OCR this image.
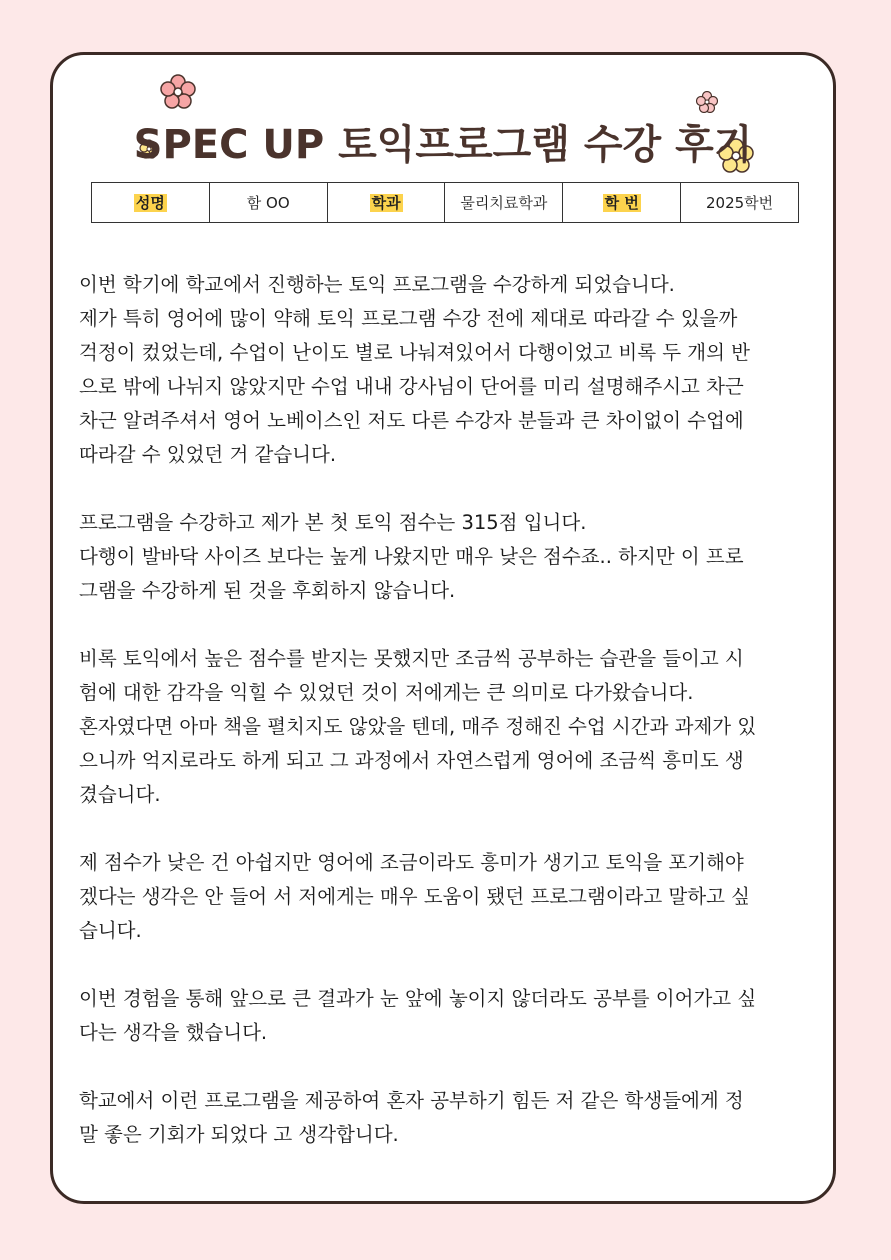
SPEC UP 토익프로그램 수강 후기
성명	함 OO	학과	물리치료학과	학 번	2025학번

이번 학기에 학교에서 진행하는 토익 프로그램을 수강하게 되었습니다.
제가 특히 영어에 많이 약해 토익 프로그램 수강 전에 제대로 따라갈 수 있을까
걱정이 컸었는데, 수업이 난이도 별로 나눠져있어서 다행이었고 비록 두 개의 반
으로 밖에 나뉘지 않았지만 수업 내내 강사님이 단어를 미리 설명해주시고 차근
차근 알려주셔서 영어 노베이스인 저도 다른 수강자 분들과 큰 차이없이 수업에
따라갈 수 있었던 거 같습니다.

프로그램을 수강하고 제가 본 첫 토익 점수는 315점 입니다.
다행이 발바닥 사이즈 보다는 높게 나왔지만 매우 낮은 점수죠.. 하지만 이 프로
그램을 수강하게 된 것을 후회하지 않습니다.

비록 토익에서 높은 점수를 받지는 못했지만 조금씩 공부하는 습관을 들이고 시
험에 대한 감각을 익힐 수 있었던 것이 저에게는 큰 의미로 다가왔습니다.
혼자였다면 아마 책을 펼치지도 않았을 텐데, 매주 정해진 수업 시간과 과제가 있
으니까 억지로라도 하게 되고 그 과정에서 자연스럽게 영어에 조금씩 흥미도 생
겼습니다.

제 점수가 낮은 건 아쉽지만 영어에 조금이라도 흥미가 생기고 토익을 포기해야
겠다는 생각은 안 들어 서 저에게는 매우 도움이 됐던 프로그램이라고 말하고 싶
습니다.

이번 경험을 통해 앞으로 큰 결과가 눈 앞에 놓이지 않더라도 공부를 이어가고 싶
다는 생각을 했습니다.

학교에서 이런 프로그램을 제공하여 혼자 공부하기 힘든 저 같은 학생들에게 정
말 좋은 기회가 되었다 고 생각합니다.
